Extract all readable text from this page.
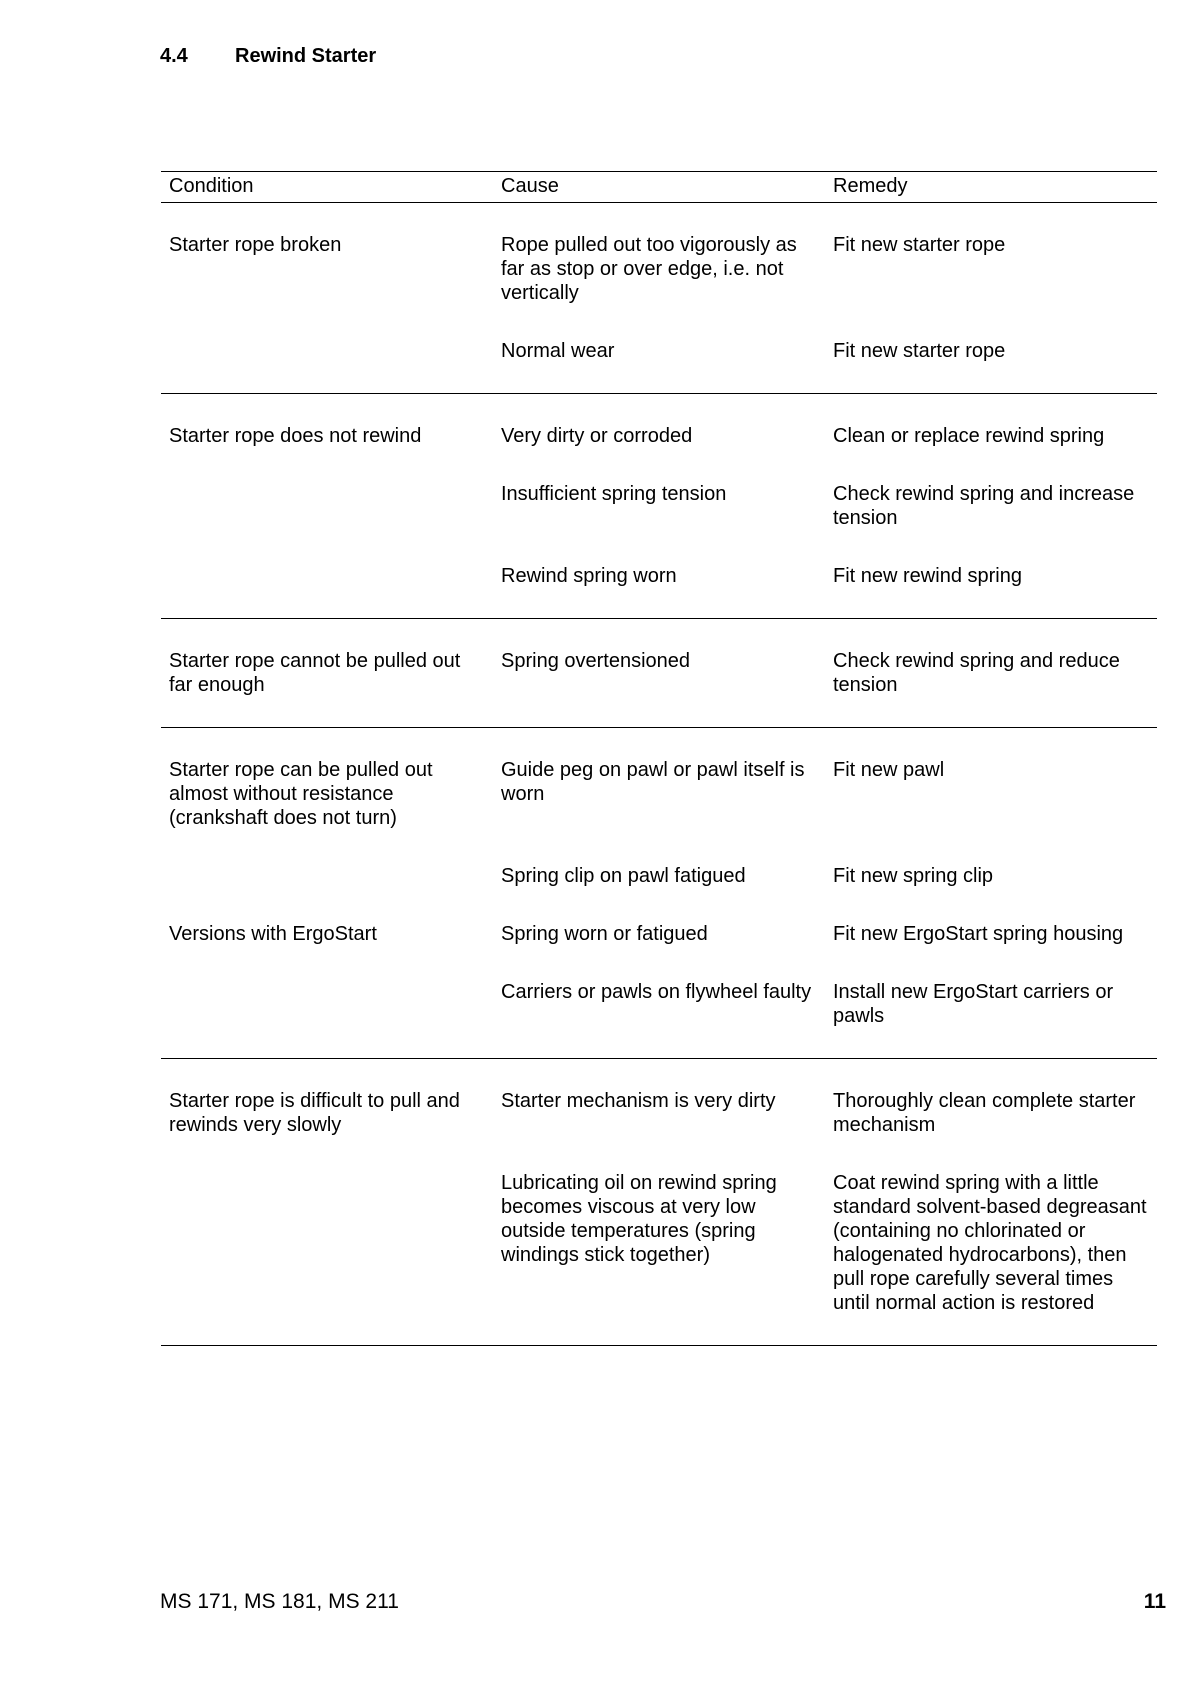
4.4 Rewind Starter
Condition	Cause	Remedy

Starter rope broken	Rope pulled out too vigorously as far as stop or over edge, i.e. not vertically	Fit new starter rope

	Normal wear	Fit new starter rope

Starter rope does not rewind	Very dirty or corroded	Clean or replace rewind spring

	Insufficient spring tension	Check rewind spring and increase tension

	Rewind spring worn	Fit new rewind spring

Starter rope cannot be pulled out far enough	Spring overtensioned	Check rewind spring and reduce tension

Starter rope can be pulled out almost without resistance (crankshaft does not turn)	Guide peg on pawl or pawl itself is worn	Fit new pawl

	Spring clip on pawl fatigued	Fit new spring clip

Versions with ErgoStart	Spring worn or fatigued	Fit new ErgoStart spring housing

	Carriers or pawls on flywheel faulty	Install new ErgoStart carriers or pawls

Starter rope is difficult to pull and rewinds very slowly	Starter mechanism is very dirty	Thoroughly clean complete starter mechanism

	Lubricating oil on rewind spring becomes viscous at very low outside temperatures (spring windings stick together)	Coat rewind spring with a little standard solvent-based degreasant (containing no chlorinated or halogenated hydrocarbons), then pull rope carefully several times until normal action is restored

MS 171, MS 181, MS 211	11
